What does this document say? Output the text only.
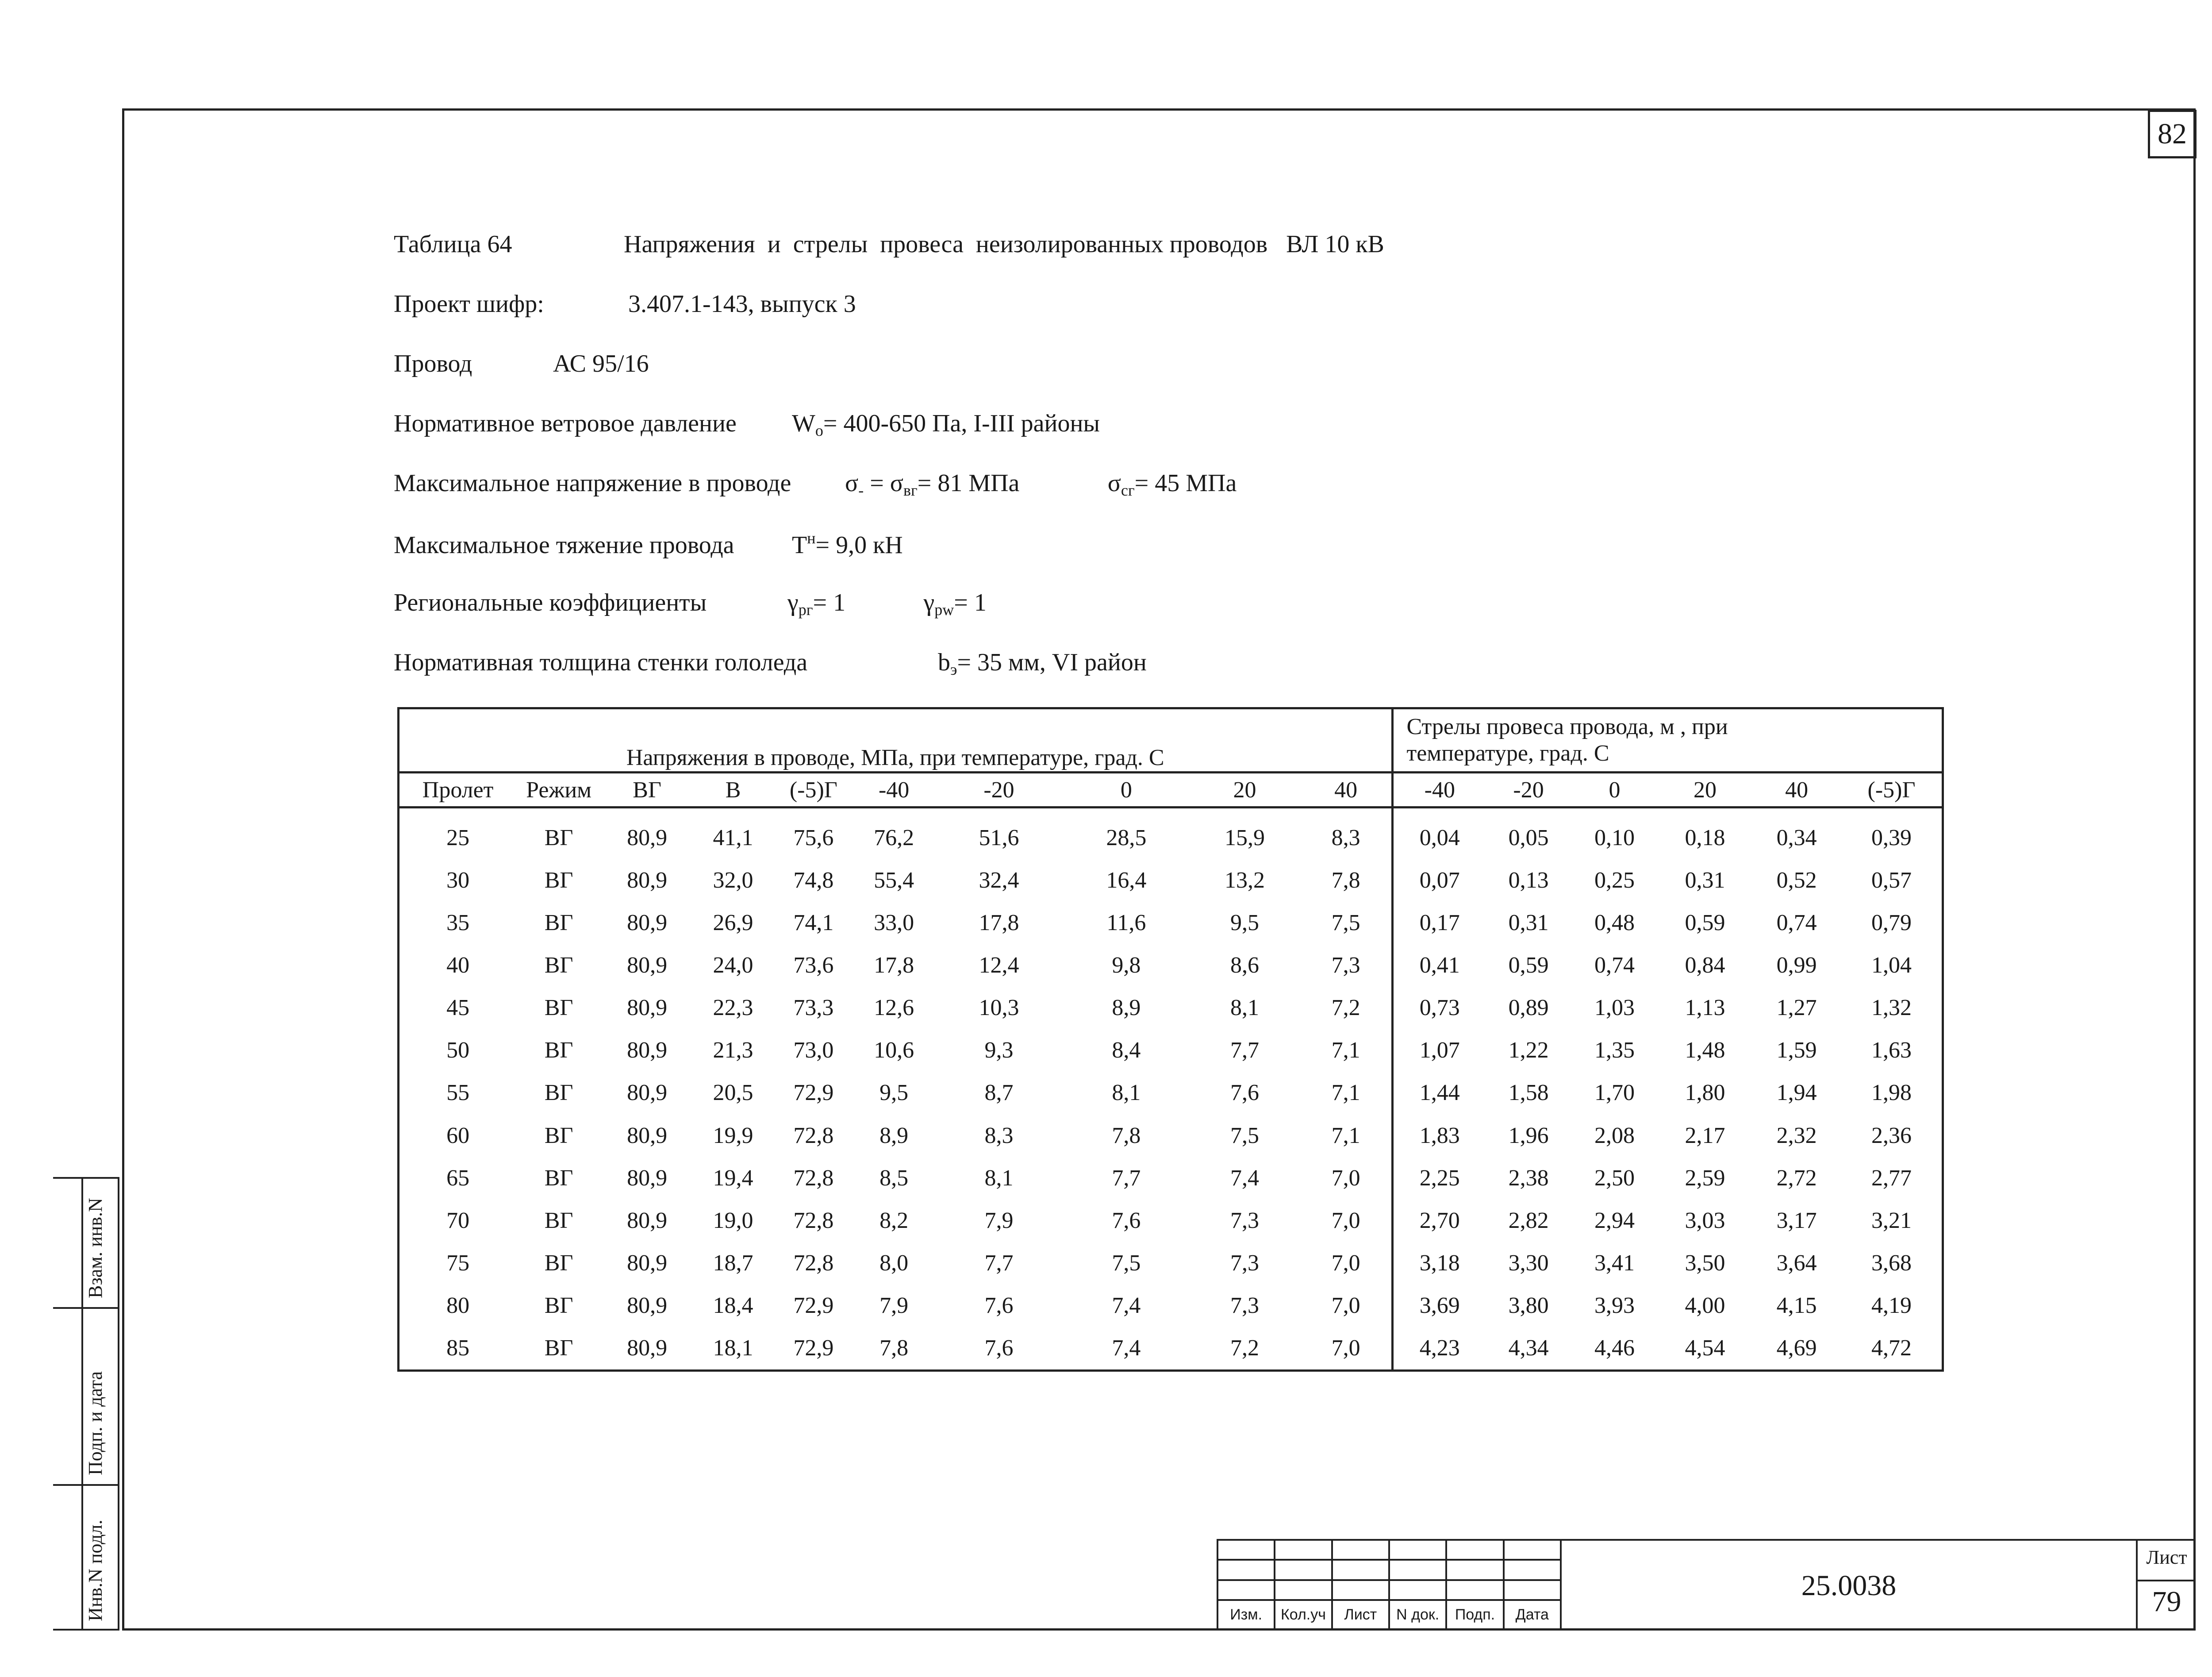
82
Таблица 64	Напряжения  и  стрелы  провеса  неизолированных проводов   ВЛ 10 кВ
Проект шифр:	3.407.1-143, выпуск 3
Провод	АС 95/16
Нормативное ветровое давление $W_o= 400-650$ Па, I-III районы
Максимальное напряжение в проводе $\sigma_- = \sigma_{вг}= 81$ МПа	$\sigma_{сг}= 45$ МПа
Максимальное тяжение провода $T^н= 9,0$ кН
Региональные коэффициенты	$\gamma_{рг}= 1$	$\gamma_{рw}= 1$
Нормативная толщина стенки гололеда	$b_э= 35$ мм, VI район
Напряжения в проводе, МПа, при температуре, град. С										Стрелы провеса провода, м , при
температуре, град. С					

Пролет	Режим	ВГ	В	(-5)Г	-40	-20	0	20	40	-40	-20	0	20	40	(-5)Г
25	ВГ	80,9	41,1	75,6	76,2	51,6	28,5	15,9	8,3	0,04	0,05	0,10	0,18	0,34	0,39
30	ВГ	80,9	32,0	74,8	55,4	32,4	16,4	13,2	7,8	0,07	0,13	0,25	0,31	0,52	0,57
35	ВГ	80,9	26,9	74,1	33,0	17,8	11,6	9,5	7,5	0,17	0,31	0,48	0,59	0,74	0,79
40	ВГ	80,9	24,0	73,6	17,8	12,4	9,8	8,6	7,3	0,41	0,59	0,74	0,84	0,99	1,04
45	ВГ	80,9	22,3	73,3	12,6	10,3	8,9	8,1	7,2	0,73	0,89	1,03	1,13	1,27	1,32
50	ВГ	80,9	21,3	73,0	10,6	9,3	8,4	7,7	7,1	1,07	1,22	1,35	1,48	1,59	1,63
55	ВГ	80,9	20,5	72,9	9,5	8,7	8,1	7,6	7,1	1,44	1,58	1,70	1,80	1,94	1,98
60	ВГ	80,9	19,9	72,8	8,9	8,3	7,8	7,5	7,1	1,83	1,96	2,08	2,17	2,32	2,36
65	ВГ	80,9	19,4	72,8	8,5	8,1	7,7	7,4	7,0	2,25	2,38	2,50	2,59	2,72	2,77
70	ВГ	80,9	19,0	72,8	8,2	7,9	7,6	7,3	7,0	2,70	2,82	2,94	3,03	3,17	3,21
75	ВГ	80,9	18,7	72,8	8,0	7,7	7,5	7,3	7,0	3,18	3,30	3,41	3,50	3,64	3,68
80	ВГ	80,9	18,4	72,9	7,9	7,6	7,4	7,3	7,0	3,69	3,80	3,93	4,00	4,15	4,19
85	ВГ	80,9	18,1	72,9	7,8	7,6	7,4	7,2	7,0	4,23	4,34	4,46	4,54	4,69	4,72
Инв.N подл.
Подп. и дата
Взам. инв.N

Изм.	Кол.уч	Лист	N док.	Подп.	Дата
25.0038
Лист
79
